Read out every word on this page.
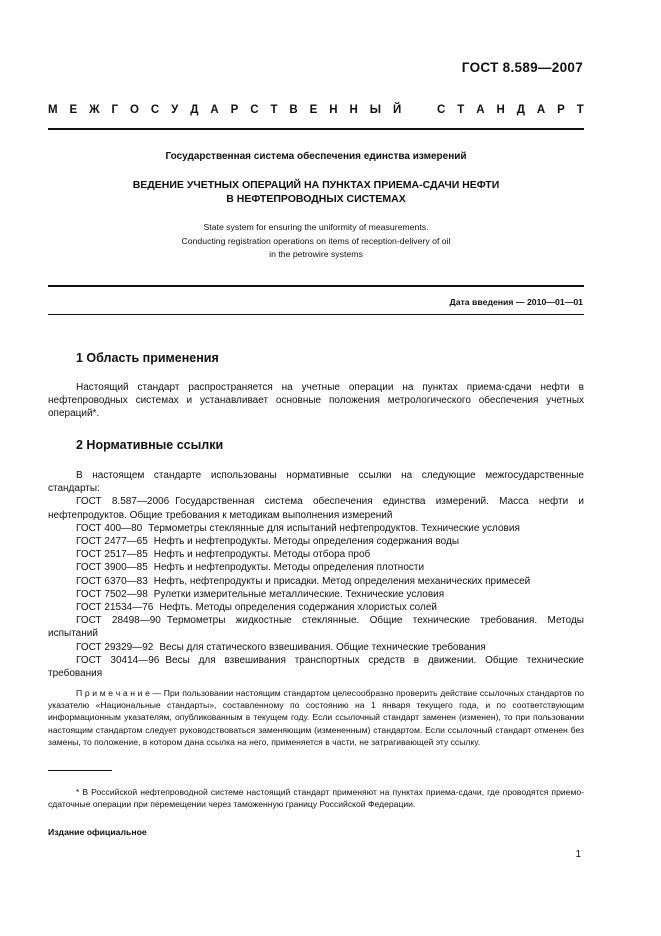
ГОСТ 8.589—2007
М Е Ж Г О С У Д А Р С Т В Е Н Н Ы Й	С Т А Н Д А Р Т
Государственная система обеспечения единства измерений
ВЕДЕНИЕ УЧЕТНЫХ ОПЕРАЦИЙ НА ПУНКТАХ ПРИЕМА-СДАЧИ НЕФТИ
В НЕФТЕПРОВОДНЫХ СИСТЕМАХ
State system for ensuring the uniformity of measurements.
Conducting registration operations on items of reception-delivery of oil
in the petrowire systems
Дата введения — 2010—01—01
1 Область применения

Настоящий стандарт распространяется на учетные операции на пунктах приема-сдачи нефти в нефтепроводных системах и устанавливает основные положения метрологического обеспечения учетных операций*.

2 Нормативные ссылки

В настоящем стандарте использованы нормативные ссылки на следующие межгосударственные стандарты:

ГОСТ 8.587—2006 Государственная система обеспечения единства измерений. Масса нефти и нефтепродуктов. Общие требования к методикам выполнения измерений

ГОСТ 400—80 Термометры стеклянные для испытаний нефтепродуктов. Технические условия

ГОСТ 2477—65 Нефть и нефтепродукты. Методы определения содержания воды

ГОСТ 2517—85 Нефть и нефтепродукты. Методы отбора проб

ГОСТ 3900—85 Нефть и нефтепродукты. Методы определения плотности

ГОСТ 6370—83 Нефть, нефтепродукты и присадки. Метод определения механических примесей

ГОСТ 7502—98 Рулетки измерительные металлические. Технические условия

ГОСТ 21534—76 Нефть. Методы определения содержания хлористых солей

ГОСТ 28498—90 Термометры жидкостные стеклянные. Общие технические требования. Методы испытаний

ГОСТ 29329—92 Весы для статического взвешивания. Общие технические требования

ГОСТ 30414—96 Весы для взвешивания транспортных средств в движении. Общие технические требования

П р и м е ч а н и е — При пользовании настоящим стандартом целесообразно проверить действие ссылочных стандартов по указателю «Национальные стандарты», составленному по состоянию на 1 января текущего года, и по соответствующим информационным указателям, опубликованным в текущем году. Если ссылочный стандарт заменен (изменен), то при пользовании настоящим стандартом следует руководствоваться заменяющим (измененным) стандартом. Если ссылочный стандарт отменен без замены, то положение, в котором дана ссылка на него, применяется в части, не затрагивающей эту ссылку.

* В Российской нефтепроводной системе настоящий стандарт применяют на пунктах приема-сдачи, где проводятся приемо-сдаточные операции при перемещении через таможенную границу Российской Федерации.

Издание официальное
1
